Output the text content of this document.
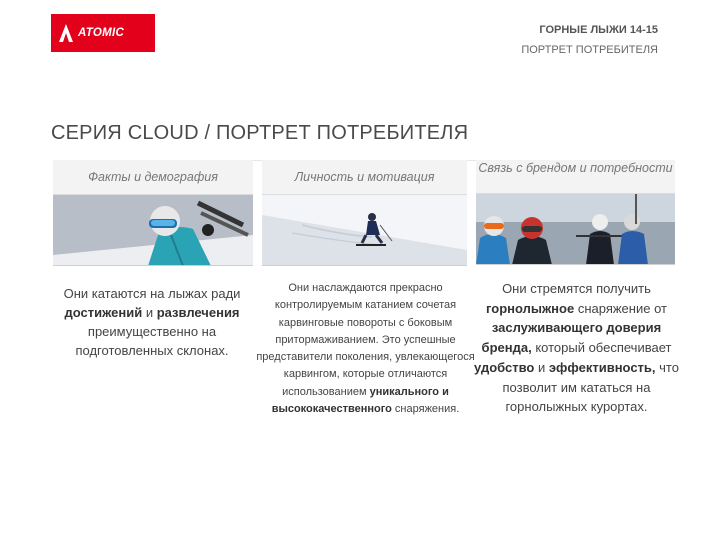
ATOMIC	ГОРНЫЕ ЛЫЖИ 14-15
ПОРТРЕТ ПОТРЕБИТЕЛЯ
СЕРИЯ CLOUD / ПОРТРЕТ ПОТРЕБИТЕЛЯ
Факты и демография
Они катаются на лыжах ради достижений и развлечения преимущественно на подготовленных склонах.
Личность и мотивация
Они наслаждаются прекрасно контролируемым катанием сочетая карвинговые повороты с боковым притормаживанием. Это успешные представители поколения, увлекающегося карвингом, которые отличаются использованием уникального и высококачественного снаряжения.
Связь с брендом и потребности
Они стремятся получить горнолыжное снаряжение от заслуживающего доверия бренда, который обеспечивает удобство и эффективность, что позволит им кататься на горнолыжных курортах.
